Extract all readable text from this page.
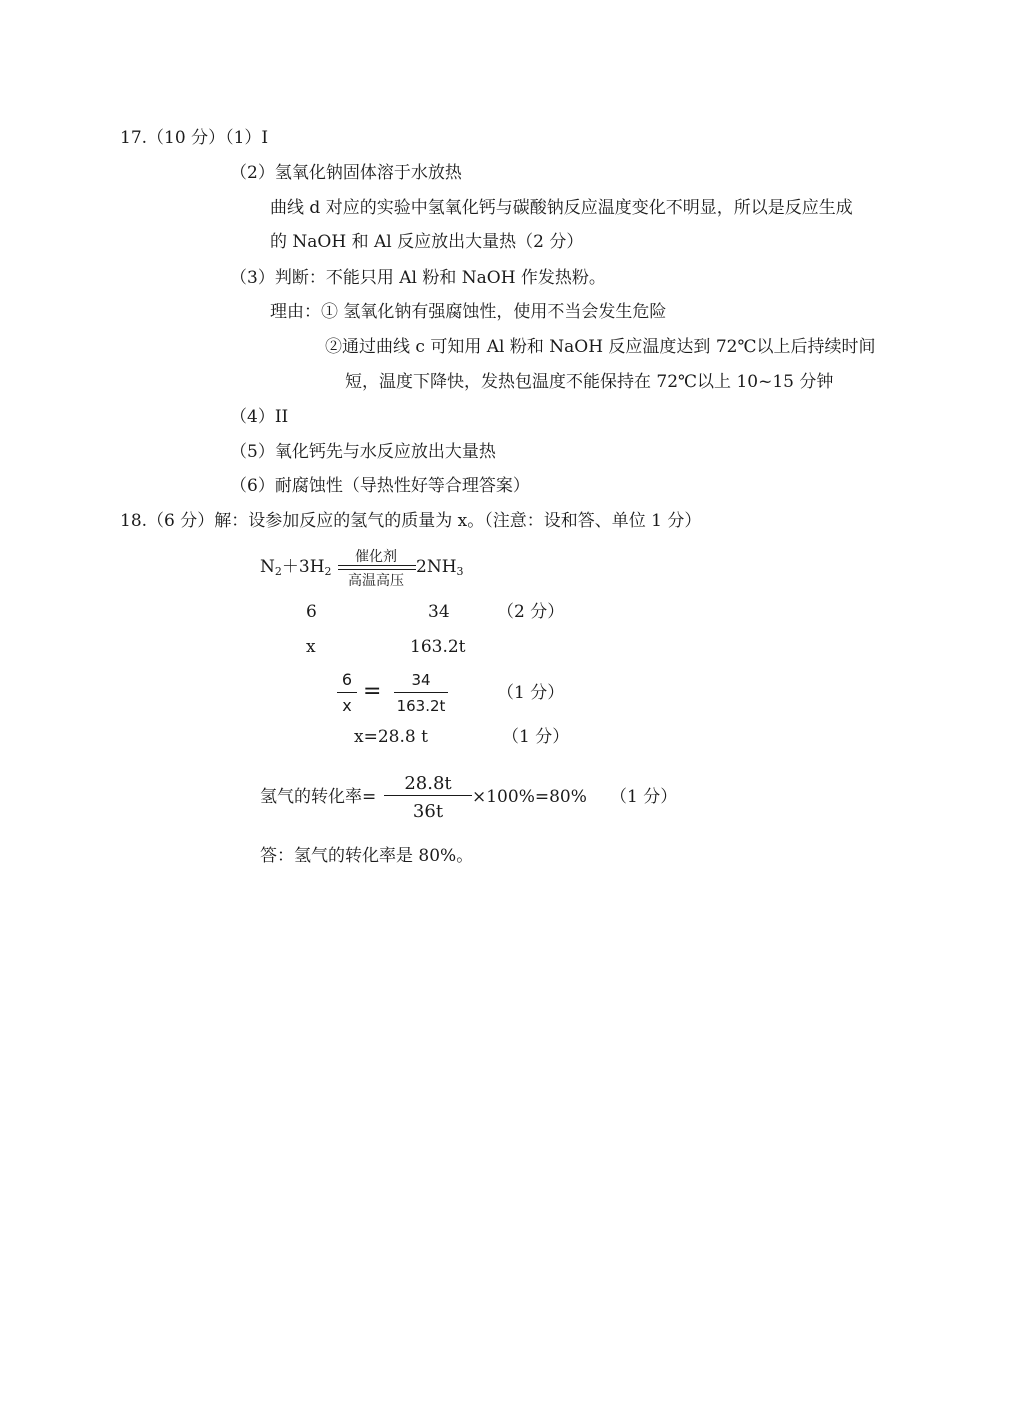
17.（10 分）（1）I
（2）氢氧化钠固体溶于水放热
曲线 d 对应的实验中氢氧化钙与碳酸钠反应温度变化不明显，所以是反应生成
的 NaOH 和 Al 反应放出大量热（2 分）
（3）判断：不能只用 Al 粉和 NaOH 作发热粉。
理由：① 氢氧化钠有强腐蚀性，使用不当会发生危险
②通过曲线 c 可知用 Al 粉和 NaOH 反应温度达到 72℃以上后持续时间
短，温度下降快，发热包温度不能保持在 72℃以上 10~15 分钟
（4）II
（5）氧化钙先与水反应放出大量热
（6）耐腐蚀性（导热性好等合理答案）
18.（6 分）解：设参加反应的氢气的质量为 x。（注意：设和答、单位 1 分）
$N_2+3H_2$
催化剂
高温高压
$2NH_3$
6	34	（2 分）
x	163.2t
6
x
=	34
163.2t
（1 分）
x=28.8 t	（1 分）
氢气的转化率=
28.8t
36t
×100%=80% （1 分）
答：氢气的转化率是 80%。
